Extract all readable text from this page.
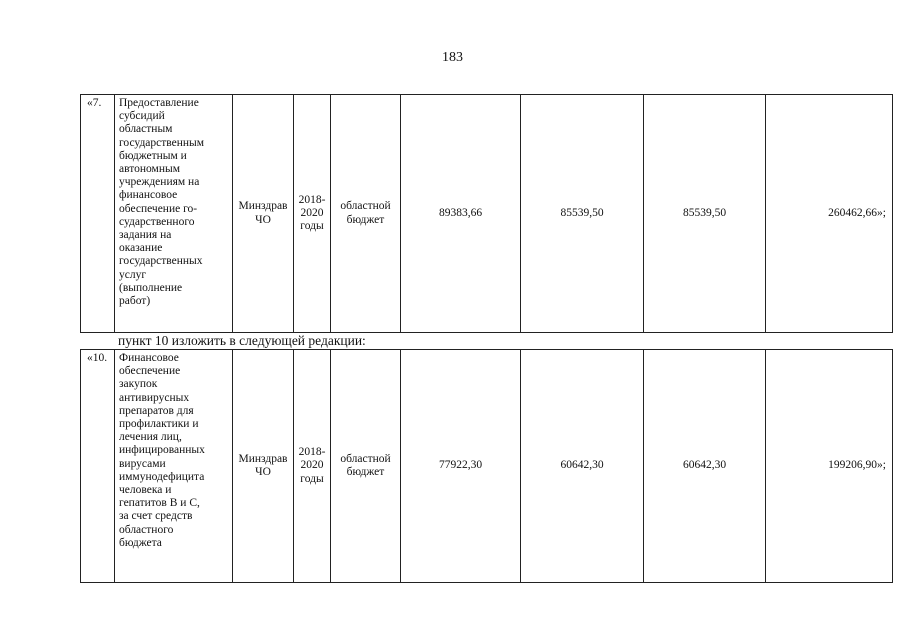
183
«7.	Предоставление
субсидий
областным
государственным
бюджетным и
автономным
учреждениям на
финансовое
обеспечение го-
сударственного
задания на
оказание
государственных
услуг
(выполнение
работ)	Минздрав
ЧО	2018-
2020
годы	областной
бюджет	89383,66	85539,50	85539,50	260462,66»;
пункт 10 изложить в следующей редакции:
«10.	Финансовое
обеспечение
закупок
антивирусных
препаратов для
профилактики и
лечения лиц,
инфицированных
вирусами
иммунодефицита
человека и
гепатитов В и С,
за счет средств
областного
бюджета	Минздрав
ЧО	2018-
2020
годы	областной
бюджет	77922,30	60642,30	60642,30	199206,90»;
